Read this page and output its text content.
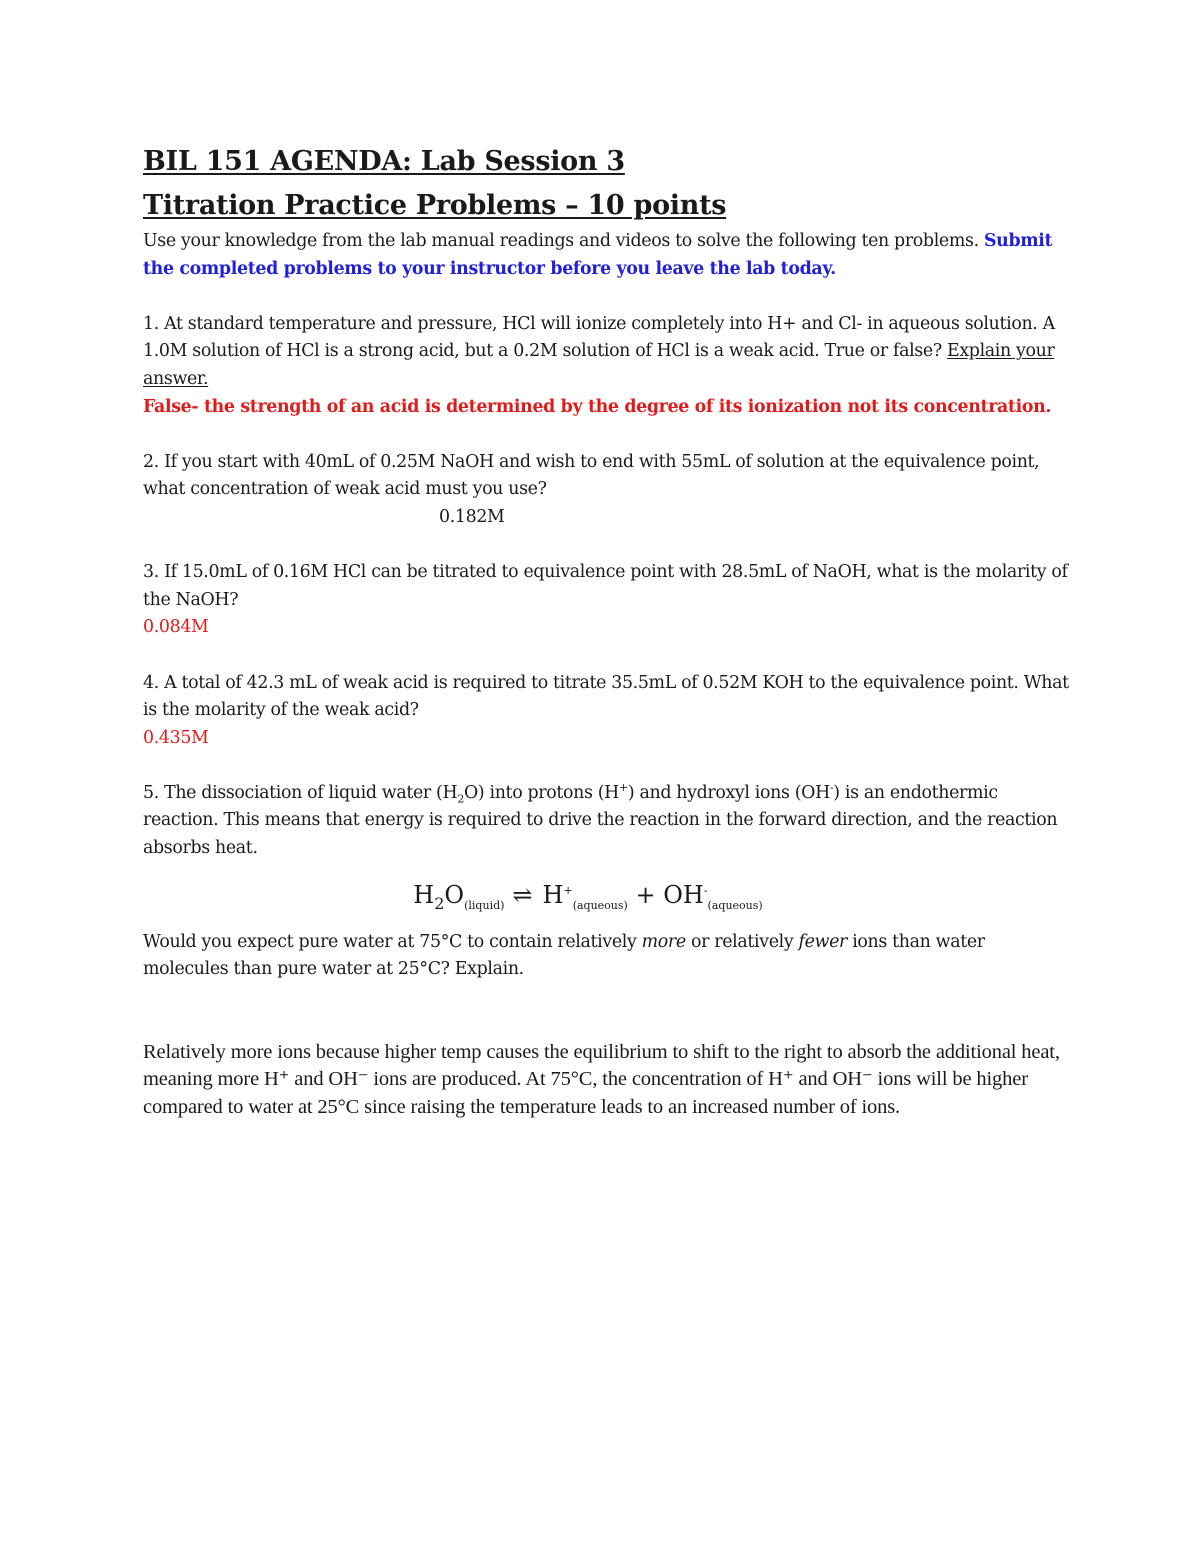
BIL 151 AGENDA: Lab Session 3
Titration Practice Problems – 10 points

Use your knowledge from the lab manual readings and videos to solve the following ten problems. Submit the completed problems to your instructor before you leave the lab today.

1. At standard temperature and pressure, HCl will ionize completely into H+ and Cl- in aqueous solution. A 1.0M solution of HCl is a strong acid, but a 0.2M solution of HCl is a weak acid. True or false? Explain your answer.

False- the strength of an acid is determined by the degree of its ionization not its concentration.

2. If you start with 40mL of 0.25M NaOH and wish to end with 55mL of solution at the equivalence point, what concentration of weak acid must you use?

0.182M

3. If 15.0mL of 0.16M HCl can be titrated to equivalence point with 28.5mL of NaOH, what is the molarity of the NaOH?

0.084M

4. A total of 42.3 mL of weak acid is required to titrate 35.5mL of 0.52M KOH to the equivalence point. What is the molarity of the weak acid?

0.435M

5. The dissociation of liquid water $(H_2O)$ into protons (H+) and hydroxyl ions (OH-) is an endothermic reaction. This means that energy is required to drive the reaction in the forward direction, and the reaction absorbs heat.

$H_2O_{(liquid)}$ ⇌ $H^+_{(aqueous)} + OH^-_{(aqueous)}$

Would you expect pure water at 75°C to contain relatively more or relatively fewer ions than water molecules than pure water at 25°C? Explain.

Relatively more ions because higher temp causes the equilibrium to shift to the right to absorb the additional heat, meaning more H⁺ and OH⁻ ions are produced. At 75°C, the concentration of H⁺ and OH⁻ ions will be higher compared to water at 25°C since raising the temperature leads to an increased number of ions.
